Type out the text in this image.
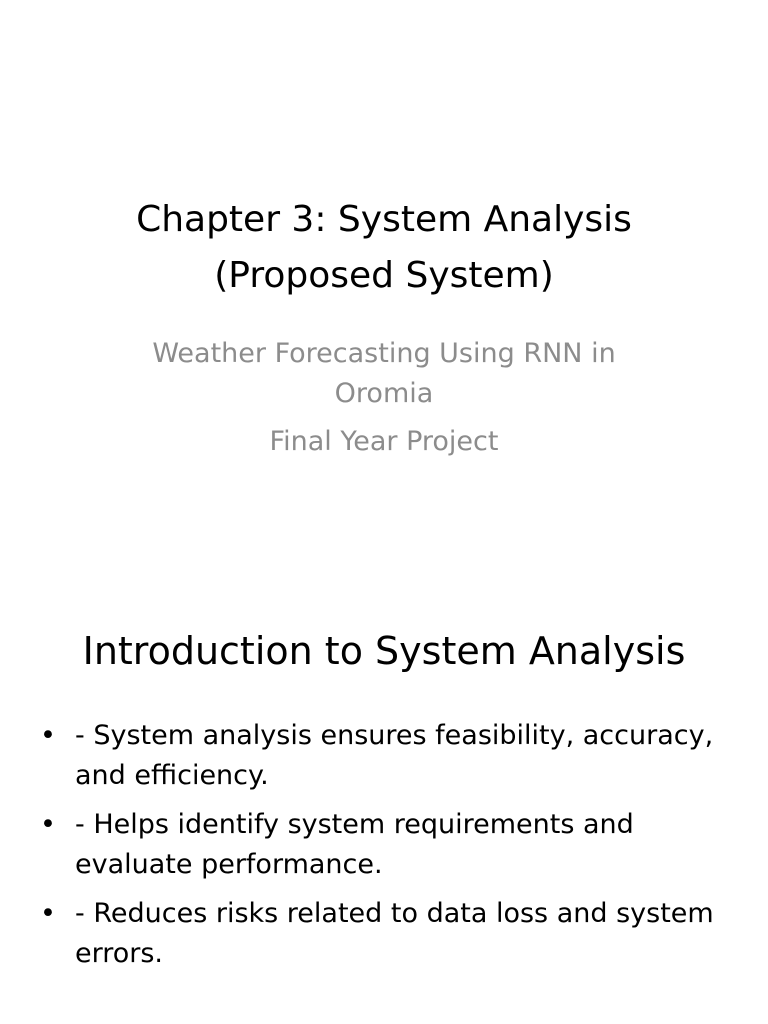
Chapter 3: System Analysis (Proposed System)
Weather Forecasting Using RNN in Oromia
Final Year Project
Introduction to System Analysis
• - System analysis ensures feasibility, accuracy, and efficiency.
• - Helps identify system requirements and evaluate performance.
• - Reduces risks related to data loss and system errors.
